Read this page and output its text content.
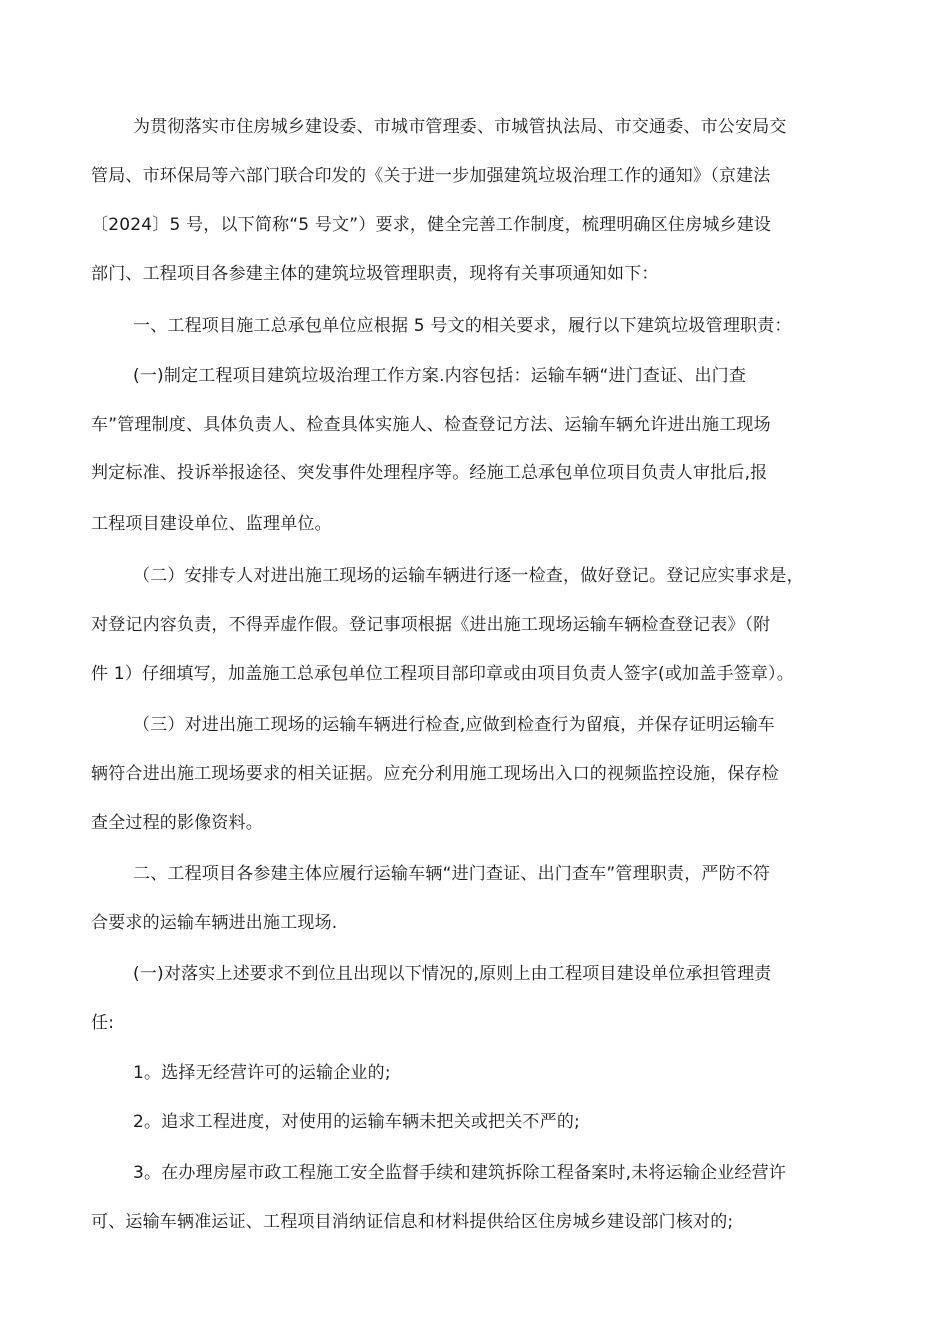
为贯彻落实市住房城乡建设委、市城市管理委、市城管执法局、市交通委、市公安局交
管局、市环保局等六部门联合印发的《关于进一步加强建筑垃圾治理工作的通知》（京建法
〔2024〕5 号，以下简称“5 号文”）要求，健全完善工作制度，梳理明确区住房城乡建设
部门、工程项目各参建主体的建筑垃圾管理职责，现将有关事项通知如下：
一、工程项目施工总承包单位应根据 5 号文的相关要求，履行以下建筑垃圾管理职责：
(一)制定工程项目建筑垃圾治理工作方案.内容包括：运输车辆“进门查证、出门查
车”管理制度、具体负责人、检查具体实施人、检查登记方法、运输车辆允许进出施工现场
判定标准、投诉举报途径、突发事件处理程序等。经施工总承包单位项目负责人审批后,报
工程项目建设单位、监理单位。
（二）安排专人对进出施工现场的运输车辆进行逐一检查，做好登记。登记应实事求是，
对登记内容负责，不得弄虚作假。登记事项根据《进出施工现场运输车辆检查登记表》（附
件 1）仔细填写，加盖施工总承包单位工程项目部印章或由项目负责人签字(或加盖手签章）。
（三）对进出施工现场的运输车辆进行检查,应做到检查行为留痕，并保存证明运输车
辆符合进出施工现场要求的相关证据。应充分利用施工现场出入口的视频监控设施，保存检
查全过程的影像资料。
二、工程项目各参建主体应履行运输车辆“进门查证、出门查车”管理职责，严防不符
合要求的运输车辆进出施工现场.
(一)对落实上述要求不到位且出现以下情况的,原则上由工程项目建设单位承担管理责
任:
1。选择无经营许可的运输企业的;
2。追求工程进度，对使用的运输车辆未把关或把关不严的;
3。在办理房屋市政工程施工安全监督手续和建筑拆除工程备案时,未将运输企业经营许
可、运输车辆准运证、工程项目消纳证信息和材料提供给区住房城乡建设部门核对的;
